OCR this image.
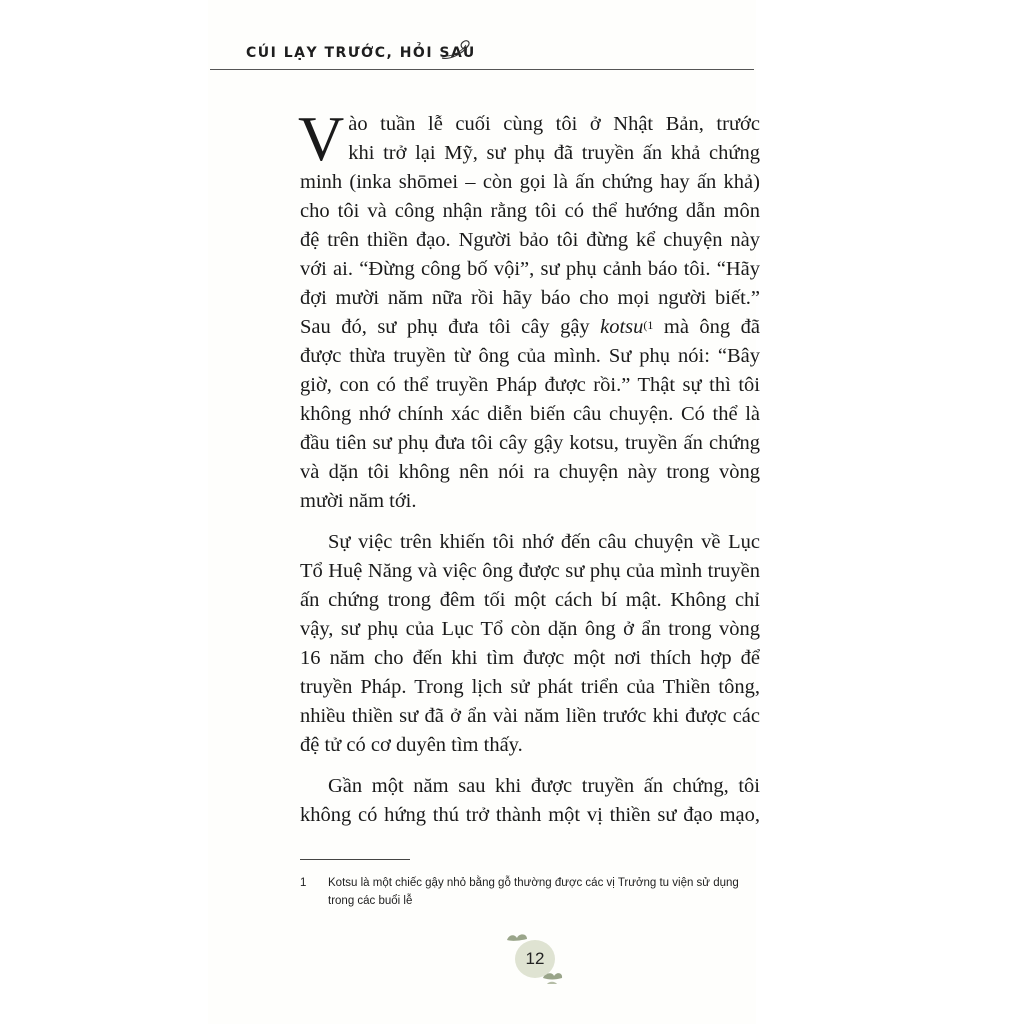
CÚI LẠY TRƯỚC, HỎI SAU

V ào tuần lễ cuối cùng tôi ở Nhật Bản, trước
khi trở lại Mỹ, sư phụ đã truyền ấn khả chứng
minh (inka shōmei – còn gọi là ấn chứng hay ấn khả)
cho tôi và công nhận rằng tôi có thể hướng dẫn môn
đệ trên thiền đạo. Người bảo tôi đừng kể chuyện này
với ai. “Đừng công bố vội”, sư phụ cảnh báo tôi. “Hãy
đợi mười năm nữa rồi hãy báo cho mọi người biết.”
Sau đó, sư phụ đưa tôi cây gậy kotsu$^{(1}$ mà ông đã
được thừa truyền từ ông của mình. Sư phụ nói: “Bây
giờ, con có thể truyền Pháp được rồi.” Thật sự thì tôi
không nhớ chính xác diễn biến câu chuyện. Có thể là
đầu tiên sư phụ đưa tôi cây gậy kotsu, truyền ấn chứng
và dặn tôi không nên nói ra chuyện này trong vòng
mười năm tới.

Sự việc trên khiến tôi nhớ đến câu chuyện về Lục
Tổ Huệ Năng và việc ông được sư phụ của mình truyền
ấn chứng trong đêm tối một cách bí mật. Không chỉ
vậy, sư phụ của Lục Tổ còn dặn ông ở ẩn trong vòng
16 năm cho đến khi tìm được một nơi thích hợp để
truyền Pháp. Trong lịch sử phát triển của Thiền tông,
nhiều thiền sư đã ở ẩn vài năm liền trước khi được các
đệ tử có cơ duyên tìm thấy.

Gần một năm sau khi được truyền ấn chứng, tôi
không có hứng thú trở thành một vị thiền sư đạo mạo,

1 Kotsu là một chiếc gậy nhỏ bằng gỗ thường được các vị Trưởng tu viện sử dụng
trong các buổi lễ
12
